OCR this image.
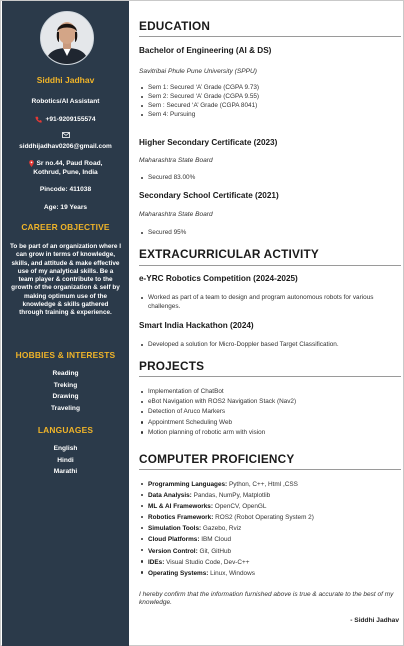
Siddhi Jadhav
Robotics/AI Assistant
+91-9209155574
siddhijadhav0206@gmail.com
Sr no.44, Paud Road,
Kothrud, Pune, India
Pincode: 411038
Age: 19 Years
CAREER OBJECTIVE
To be part of an organization where I can grow in terms of knowledge, skills, and attitude & make effective use of my analytical skills. Be a team player & contribute to the growth of the organization & self by making optimum use of the knowledge & skills gathered through training & experience.
HOBBIES & INTERESTS
Reading
Treking
Drawing
Traveling
LANGUAGES
English
Hindi
Marathi
EDUCATION
Bachelor of Engineering (AI & DS)
Savitribai Phule Pune University (SPPU)
Sem 1: Secured ‘A’ Grade (CGPA 9.73)
Sem 2: Secured ‘A’ Grade (CGPA 9.55)
Sem : Secured ‘A’ Grade (CGPA 8041)
Sem 4: Pursuing
Higher Secondary Certificate (2023)
Maharashtra State Board
Secured 83.00%
Secondary School Certificate (2021)
Maharashtra State Board
Secured 95%
EXTRACURRICULAR ACTIVITY
e-YRC Robotics Competition (2024-2025)
Worked as part of a team to design and program autonomous robots for various challenges.
Smart India Hackathon (2024)
Developed a solution for Micro-Doppler based Target Classification.
PROJECTS
Implementation of ChatBot
eBot Navigation with ROS2 Navigation Stack (Nav2)
Detection of Aruco Markers
Appointment Scheduling Web
Motion planning of robotic arm with vision
COMPUTER PROFICIENCY
Programming Languages: Python, C++, Html ,CSS
Data Analysis: Pandas, NumPy, Matplotlib
ML & AI Frameworks: OpenCV, OpenGL
Robotics Framework: ROS2 (Robot Operating System 2)
Simulation Tools: Gazebo, Rviz
Cloud Platforms: IBM Cloud
Version Control: Git, GitHub
IDEs: Visual Studio Code, Dev-C++
Operating Systems: Linux, Windows
I hereby confirm that the information furnished above is true & accurate to the best of my knowledge.
- Siddhi Jadhav
